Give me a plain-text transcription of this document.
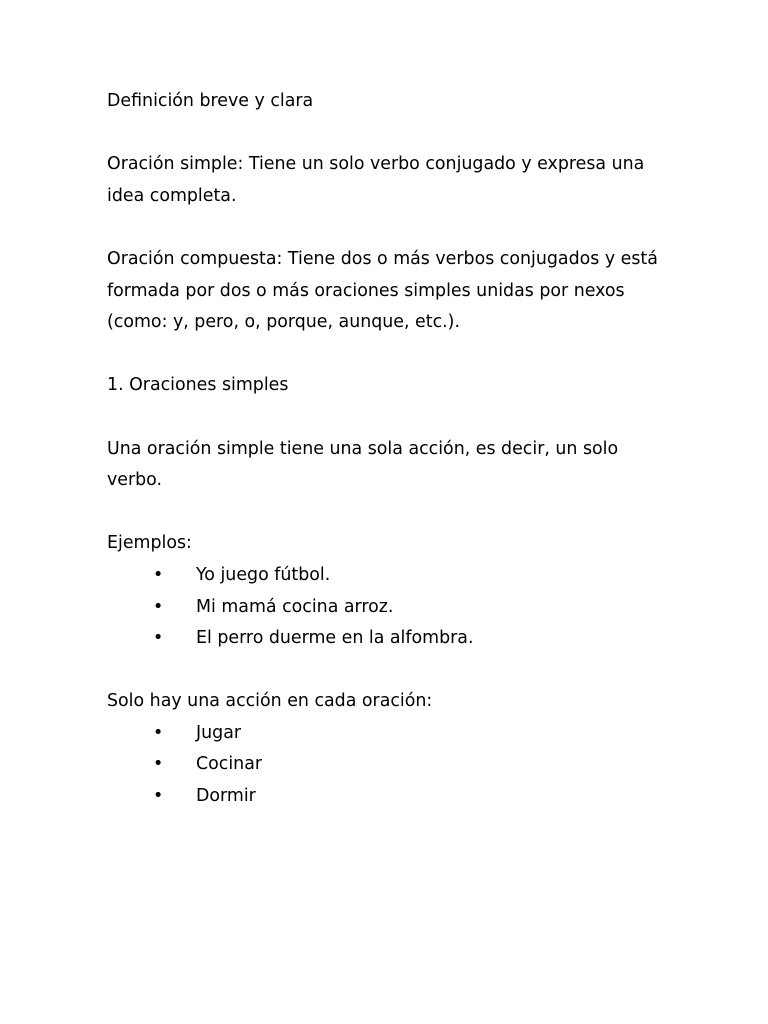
Definición breve y clara

Oración simple: Tiene un solo verbo conjugado y expresa una idea completa.

Oración compuesta: Tiene dos o más verbos conjugados y está formada por dos o más oraciones simples unidas por nexos (como: y, pero, o, porque, aunque, etc.).

1. Oraciones simples

Una oración simple tiene una sola acción, es decir, un solo verbo.

Ejemplos:

• Yo juego fútbol.
• Mi mamá cocina arroz.
• El perro duerme en la alfombra.

Solo hay una acción en cada oración:

• Jugar
• Cocinar
• Dormir
